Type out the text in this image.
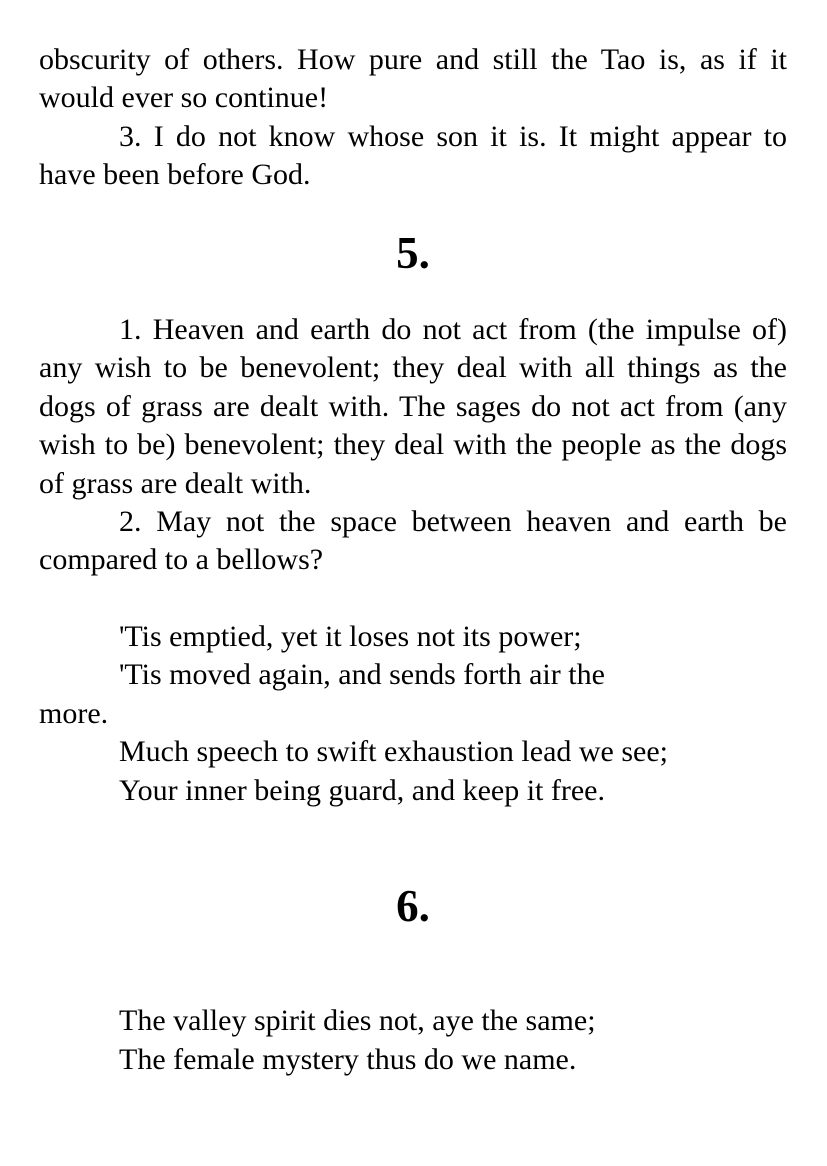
obscurity of others. How pure and still the Tao is, as if it would ever so continue!

3. I do not know whose son it is. It might appear to have been before God.

5.

1. Heaven and earth do not act from (the impulse of) any wish to be benevolent; they deal with all things as the dogs of grass are dealt with. The sages do not act from (any wish to be) benevolent; they deal with the people as the dogs of grass are dealt with.

2. May not the space between heaven and earth be compared to a bellows?

'Tis emptied, yet it loses not its power;

'Tis moved again, and sends forth air the more.

Much speech to swift exhaustion lead we see;

Your inner being guard, and keep it free.

6.

The valley spirit dies not, aye the same;

The female mystery thus do we name.
